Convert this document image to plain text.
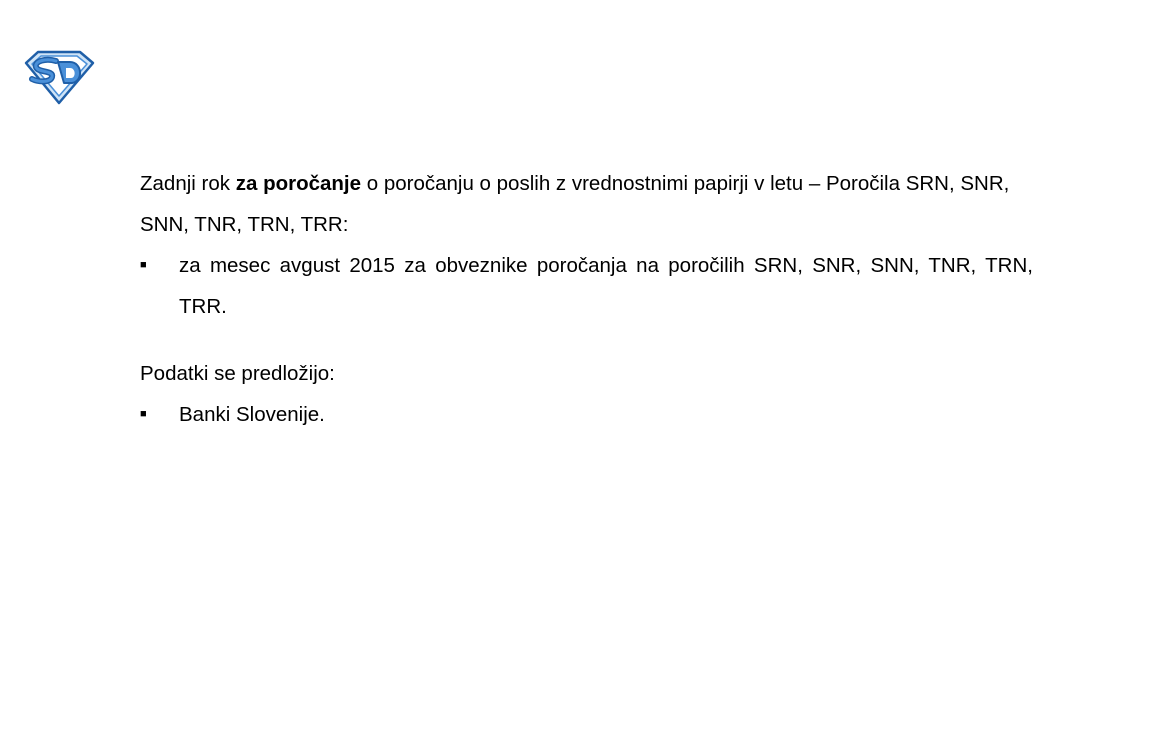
Zadnji rok za poročanje o poročanju o poslih z vrednostnimi papirji v letu – Poročila SRN, SNR, SNN, TNR, TRN, TRR:

■	za mesec avgust 2015 za obveznike poročanja na poročilih SRN, SNR, SNN, TNR, TRN, TRR.

Podatki se predložijo:

■	Banki Slovenije.
